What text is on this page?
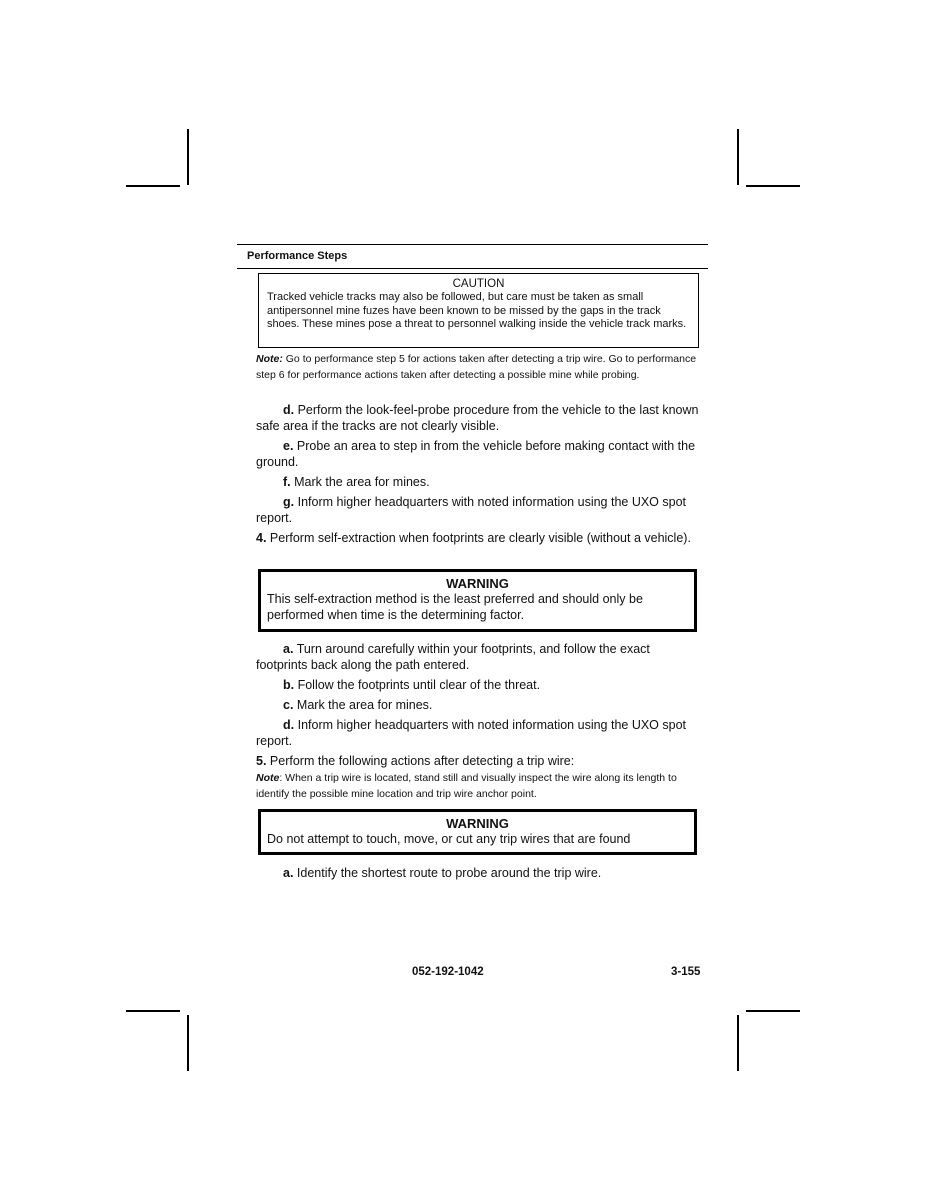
Performance Steps
CAUTION
Tracked vehicle tracks may also be followed, but care must be taken as small antipersonnel mine fuzes have been known to be missed by the gaps in the track shoes. These mines pose a threat to personnel walking inside the vehicle track marks.
Note: Go to performance step 5 for actions taken after detecting a trip wire. Go to performance step 6 for performance actions taken after detecting a possible mine while probing.
d. Perform the look-feel-probe procedure from the vehicle to the last known safe area if the tracks are not clearly visible.
e. Probe an area to step in from the vehicle before making contact with the ground.
f. Mark the area for mines.
g. Inform higher headquarters with noted information using the UXO spot report.
4. Perform self-extraction when footprints are clearly visible (without a vehicle).
WARNING
This self-extraction method is the least preferred and should only be performed when time is the determining factor.
a. Turn around carefully within your footprints, and follow the exact footprints back along the path entered.
b. Follow the footprints until clear of the threat.
c. Mark the area for mines.
d. Inform higher headquarters with noted information using the UXO spot report.
5. Perform the following actions after detecting a trip wire:
Note: When a trip wire is located, stand still and visually inspect the wire along its length to identify the possible mine location and trip wire anchor point.
WARNING
Do not attempt to touch, move, or cut any trip wires that are found
a. Identify the shortest route to probe around the trip wire.
052-192-1042	3-155
